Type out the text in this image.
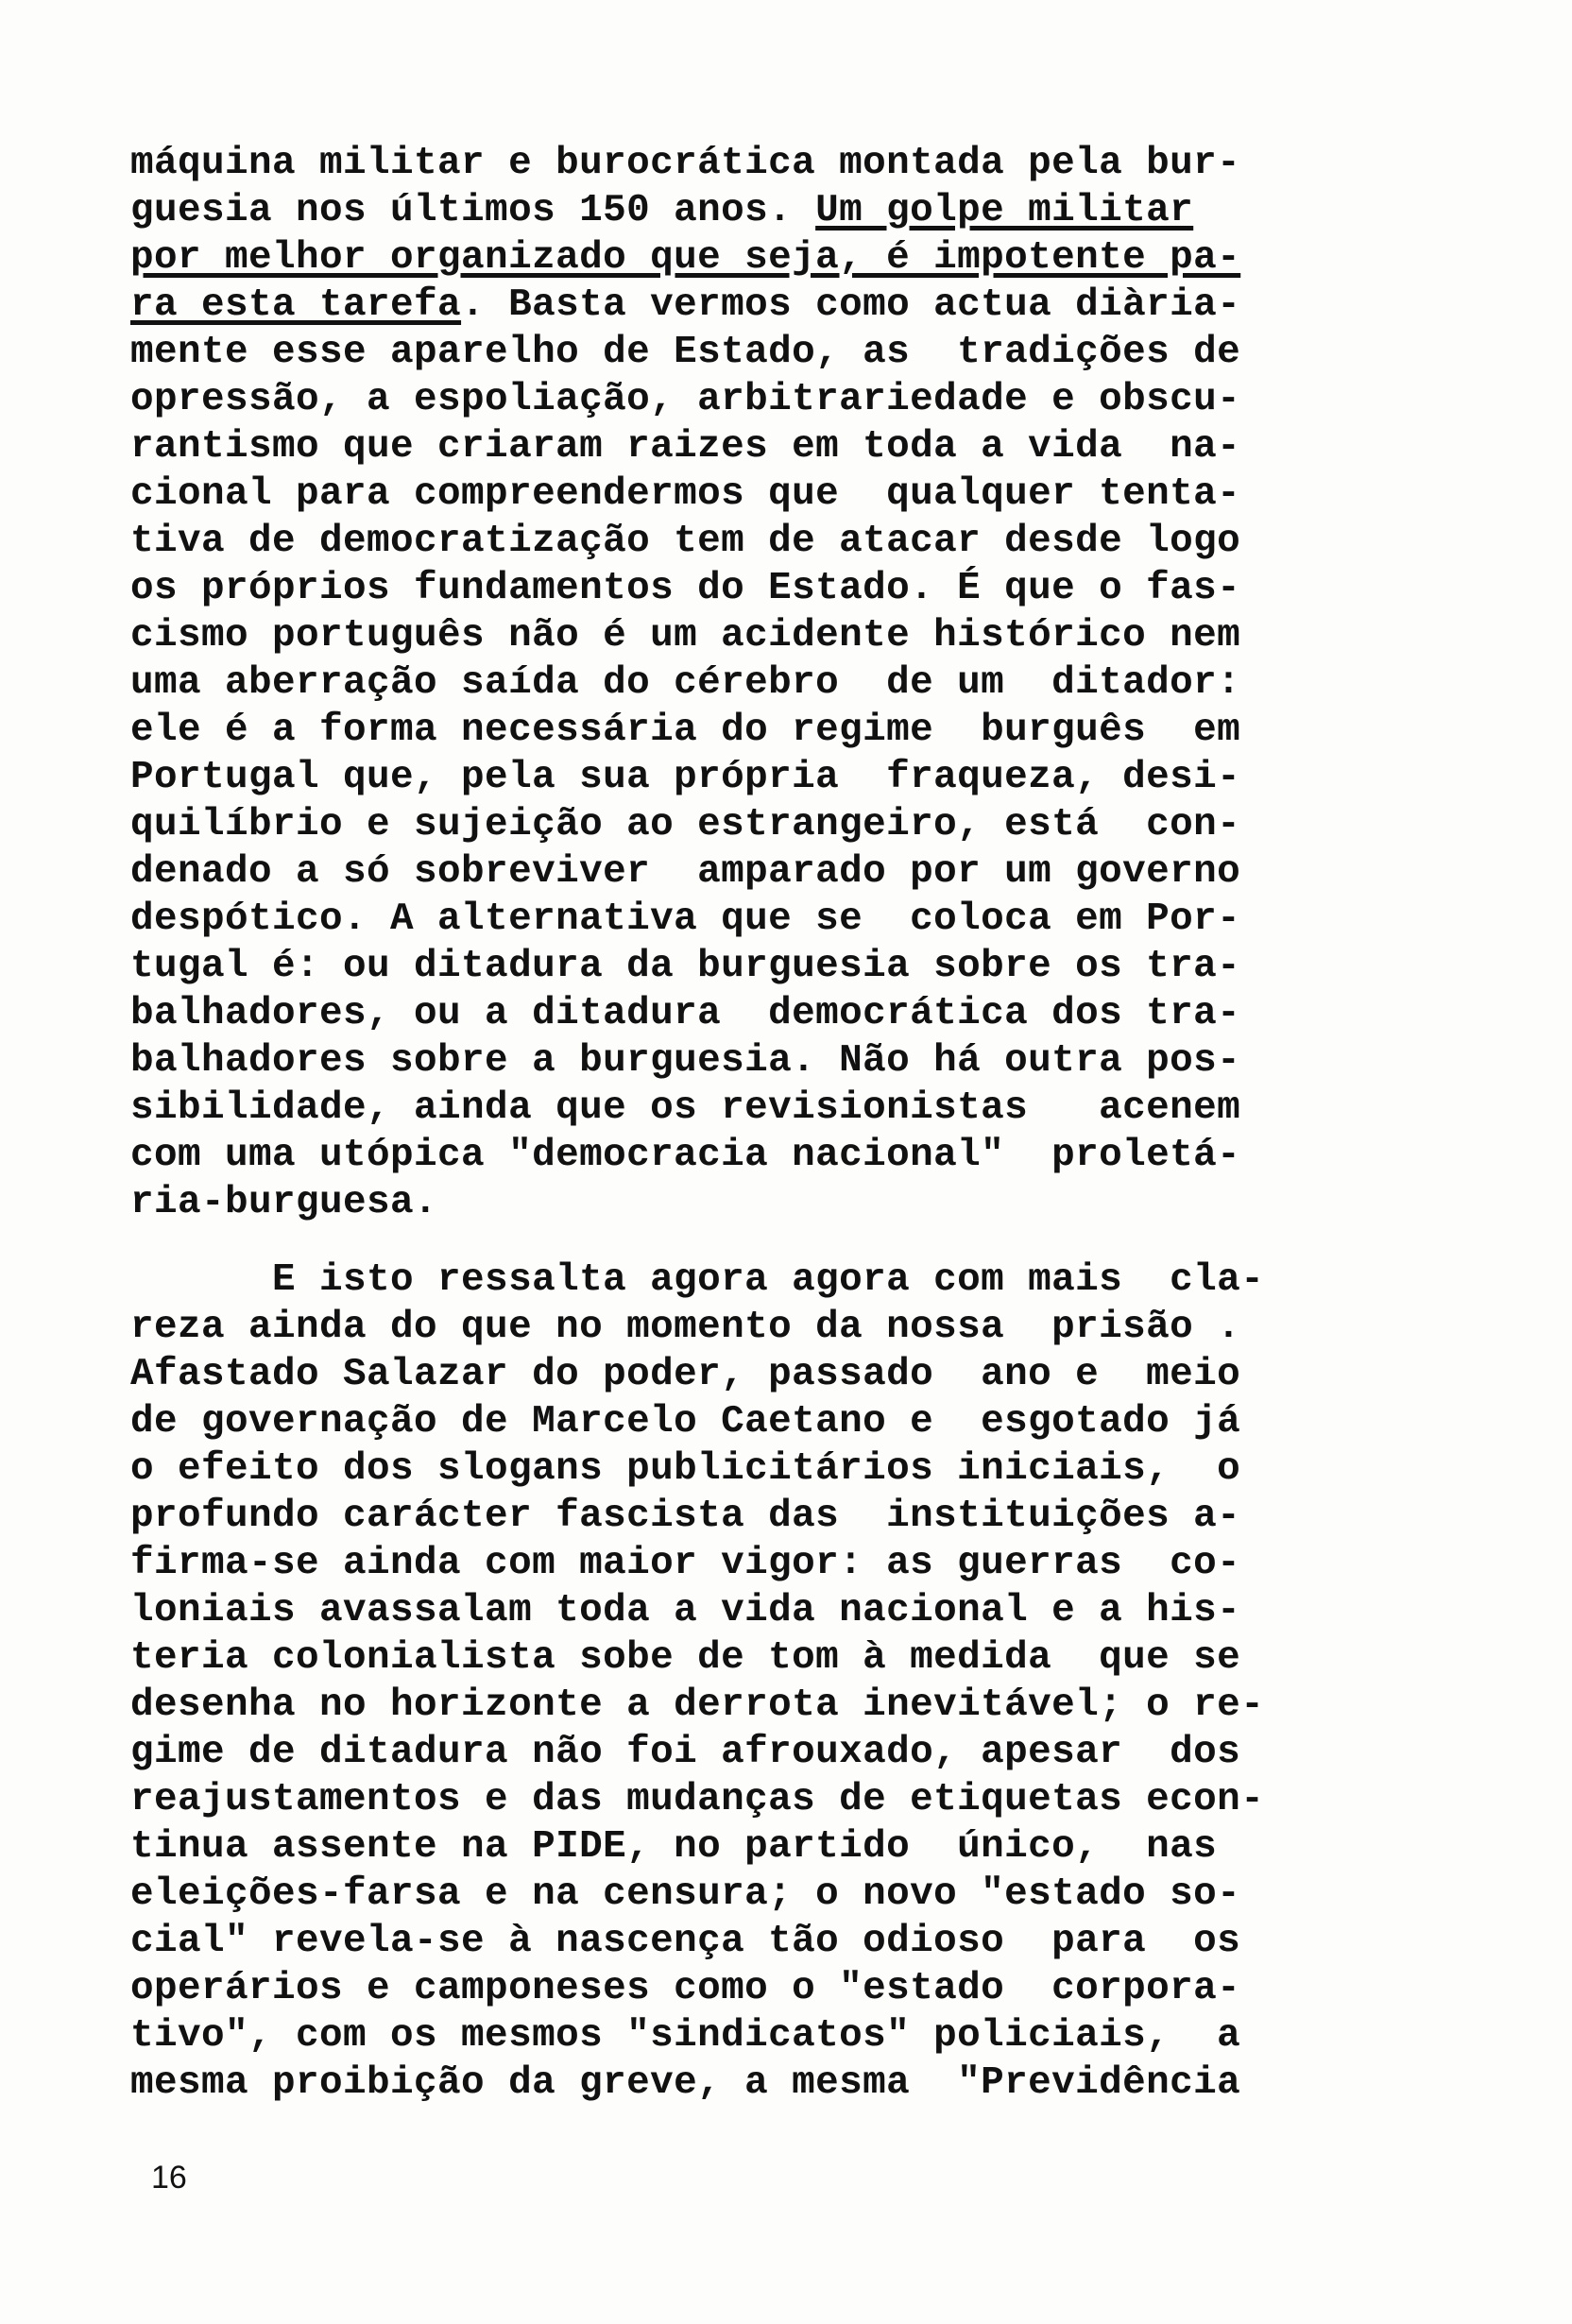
máquina militar e burocrática montada pela bur-
guesia nos últimos 150 anos. Um golpe militar
por melhor organizado que seja, é impotente pa-
ra esta tarefa. Basta vermos como actua diària-
mente esse aparelho de Estado, as  tradições de
opressão, a espoliação, arbitrariedade e obscu-
rantismo que criaram raizes em toda a vida  na-
cional para compreendermos que  qualquer tenta-
tiva de democratização tem de atacar desde logo
os próprios fundamentos do Estado. É que o fas-
cismo português não é um acidente histórico nem
uma aberração saída do cérebro  de um  ditador:
ele é a forma necessária do regime  burguês  em
Portugal que, pela sua própria  fraqueza, desi-
quilíbrio e sujeição ao estrangeiro, está  con-
denado a só sobreviver  amparado por um governo
despótico. A alternativa que se  coloca em Por-
tugal é: ou ditadura da burguesia sobre os tra-
balhadores, ou a ditadura  democrática dos tra-
balhadores sobre a burguesia. Não há outra pos-
sibilidade, ainda que os revisionistas   acenem
com uma utópica "democracia nacional"  proletá-
ria-burguesa.
E isto ressalta agora agora com mais  cla-
reza ainda do que no momento da nossa  prisão .
Afastado Salazar do poder, passado  ano e  meio
de governação de Marcelo Caetano e  esgotado já
o efeito dos slogans publicitários iniciais,  o
profundo carácter fascista das  instituições a-
firma-se ainda com maior vigor: as guerras  co-
loniais avassalam toda a vida nacional e a his-
teria colonialista sobe de tom à medida  que se
desenha no horizonte a derrota inevitável; o re-
gime de ditadura não foi afrouxado, apesar  dos
reajustamentos e das mudanças de etiquetas econ-
tinua assente na PIDE, no partido  único,  nas
eleições-farsa e na censura; o novo "estado so-
cial" revela-se à nascença tão odioso  para  os
operários e camponeses como o "estado  corpora-
tivo", com os mesmos "sindicatos" policiais,  a
mesma proibição da greve, a mesma  "Previdência
16
